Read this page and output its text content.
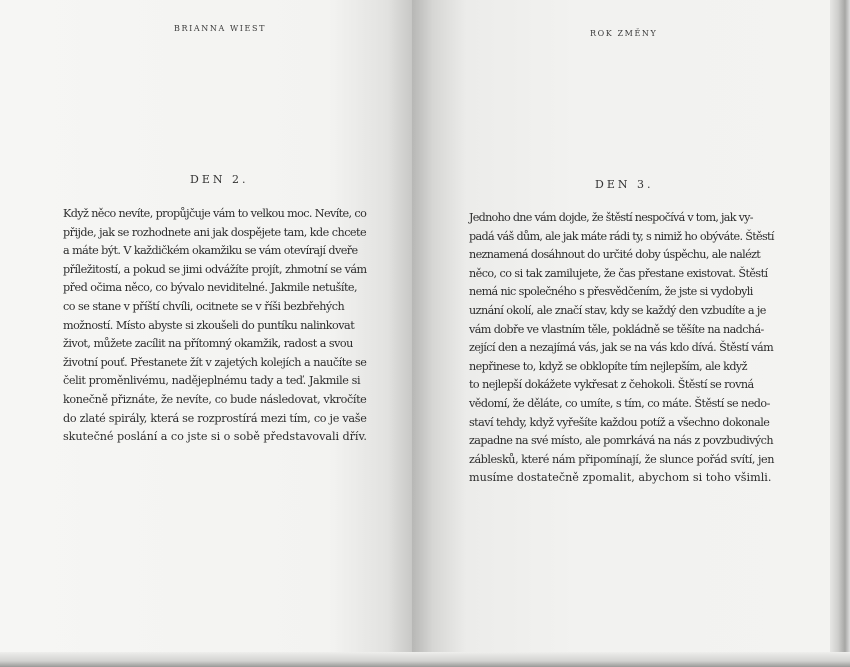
BRIANNA WIEST
DEN 2.
Když něco nevíte, propůjčuje vám to velkou moc. Nevíte, co
přijde, jak se rozhodnete ani jak dospějete tam, kde chcete
a máte být. V každičkém okamžiku se vám otevírají dveře
příležitostí, a pokud se jimi odvážíte projít, zhmotní se vám
před očima něco, co bývalo neviditelné. Jakmile netušíte,
co se stane v příští chvíli, ocitnete se v říši bezbřehých
možností. Místo abyste si zkoušeli do puntíku nalinkovat
život, můžete zacílit na přítomný okamžik, radost a svou
životní pouť. Přestanete žít v zajetých kolejích a naučíte se
čelit proměnlivému, nadějeplnému tady a teď. Jakmile si
konečně přiznáte, že nevíte, co bude následovat, vkročíte
do zlaté spirály, která se rozprostírá mezi tím, co je vaše
skutečné poslání a co jste si o sobě představovali dřív.
ROK ZMĚNY
DEN 3.
Jednoho dne vám dojde, že štěstí nespočívá v tom, jak vy-
padá váš dům, ale jak máte rádi ty, s nimiž ho obýváte. Štěstí
neznamená dosáhnout do určité doby úspěchu, ale nalézt
něco, co si tak zamilujete, že čas přestane existovat. Štěstí
nemá nic společného s přesvědčením, že jste si vydobyli
uznání okolí, ale značí stav, kdy se každý den vzbudíte a je
vám dobře ve vlastním těle, pokládně se těšíte na nadchá-
zející den a nezajímá vás, jak se na vás kdo dívá. Štěstí vám
nepřinese to, když se obklopíte tím nejlepším, ale když
to nejlepší dokážete vykřesat z čehokoli. Štěstí se rovná
vědomí, že děláte, co umíte, s tím, co máte. Štěstí se nedo-
staví tehdy, když vyřešíte každou potíž a všechno dokonale
zapadne na své místo, ale pomrkává na nás z povzbudivých
záblesků, které nám připomínají, že slunce pořád svítí, jen
musíme dostatečně zpomalit, abychom si toho všimli.
